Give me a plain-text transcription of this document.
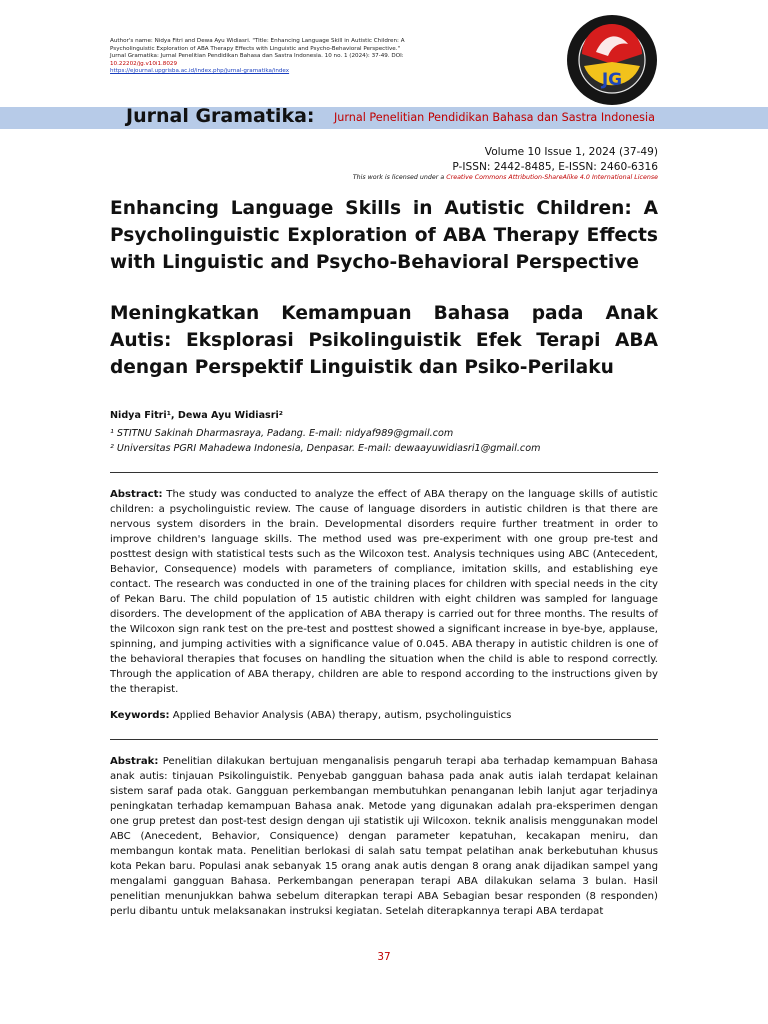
Author's name: Nidya Fitri and Dewa Ayu Widiasri. "Title: Enhancing Language Skill in Autistic Children: A Psycholinguistic Exploration of ABA Therapy Effects with Linguistic and Psycho-Behavioral Perspective." Jurnal Gramatika: Jurnal Penelitian Pendidikan Bahasa dan Sastra Indonesia. 10 no. 1 (2024): 37-49. DOI: 10.22202/jg.v10i1.8029
https://ejournal.upgrisba.ac.id/index.php/jurnal-gramatika/index	JG
Jurnal Gramatika: Jurnal Penelitian Pendidikan Bahasa dan Sastra Indonesia
Volume 10 Issue 1, 2024 (37-49)
P-ISSN: 2442-8485, E-ISSN: 2460-6316
This work is licensed under a Creative Commons Attribution-ShareAlike 4.0 International License
Enhancing Language Skills in Autistic Children: A Psycholinguistic Exploration of ABA Therapy Effects with Linguistic and Psycho-Behavioral Perspective
Meningkatkan Kemampuan Bahasa pada Anak Autis: Eksplorasi Psikolinguistik Efek Terapi ABA dengan Perspektif Linguistik dan Psiko-Perilaku
Nidya Fitri¹, Dewa Ayu Widiasri²
¹ STITNU Sakinah Dharmasraya, Padang. E-mail: nidyaf989@gmail.com
² Universitas PGRI Mahadewa Indonesia, Denpasar. E-mail: dewaayuwidiasri1@gmail.com
Abstract: The study was conducted to analyze the effect of ABA therapy on the language skills of autistic children: a psycholinguistic review. The cause of language disorders in autistic children is that there are nervous system disorders in the brain. Developmental disorders require further treatment in order to improve children's language skills. The method used was pre-experiment with one group pre-test and posttest design with statistical tests such as the Wilcoxon test. Analysis techniques using ABC (Antecedent, Behavior, Consequence) models with parameters of compliance, imitation skills, and establishing eye contact. The research was conducted in one of the training places for children with special needs in the city of Pekan Baru. The child population of 15 autistic children with eight children was sampled for language disorders. The development of the application of ABA therapy is carried out for three months. The results of the Wilcoxon sign rank test on the pre-test and posttest showed a significant increase in bye-bye, applause, spinning, and jumping activities with a significance value of 0.045. ABA therapy in autistic children is one of the behavioral therapies that focuses on handling the situation when the child is able to respond correctly. Through the application of ABA therapy, children are able to respond according to the instructions given by the therapist.
Keywords: Applied Behavior Analysis (ABA) therapy, autism, psycholinguistics
Abstrak: Penelitian dilakukan bertujuan menganalisis pengaruh terapi aba terhadap kemampuan Bahasa anak autis: tinjauan Psikolinguistik. Penyebab gangguan bahasa pada anak autis ialah terdapat kelainan sistem saraf pada otak. Gangguan perkembangan membutuhkan penanganan lebih lanjut agar terjadinya peningkatan terhadap kemampuan Bahasa anak. Metode yang digunakan adalah pra-eksperimen dengan one grup pretest dan post-test design dengan uji statistik uji Wilcoxon. teknik analisis menggunakan model ABC (Anecedent, Behavior, Consiquence) dengan parameter kepatuhan, kecakapan meniru, dan membangun kontak mata. Penelitian berlokasi di salah satu tempat pelatihan anak berkebutuhan khusus kota Pekan baru. Populasi anak sebanyak 15 orang anak autis dengan 8 orang anak dijadikan sampel yang mengalami gangguan Bahasa. Perkembangan penerapan terapi ABA dilakukan selama 3 bulan. Hasil penelitian menunjukkan bahwa sebelum diterapkan terapi ABA Sebagian besar responden (8 responden) perlu dibantu untuk melaksanakan instruksi kegiatan. Setelah diterapkannya terapi ABA terdapat
37
